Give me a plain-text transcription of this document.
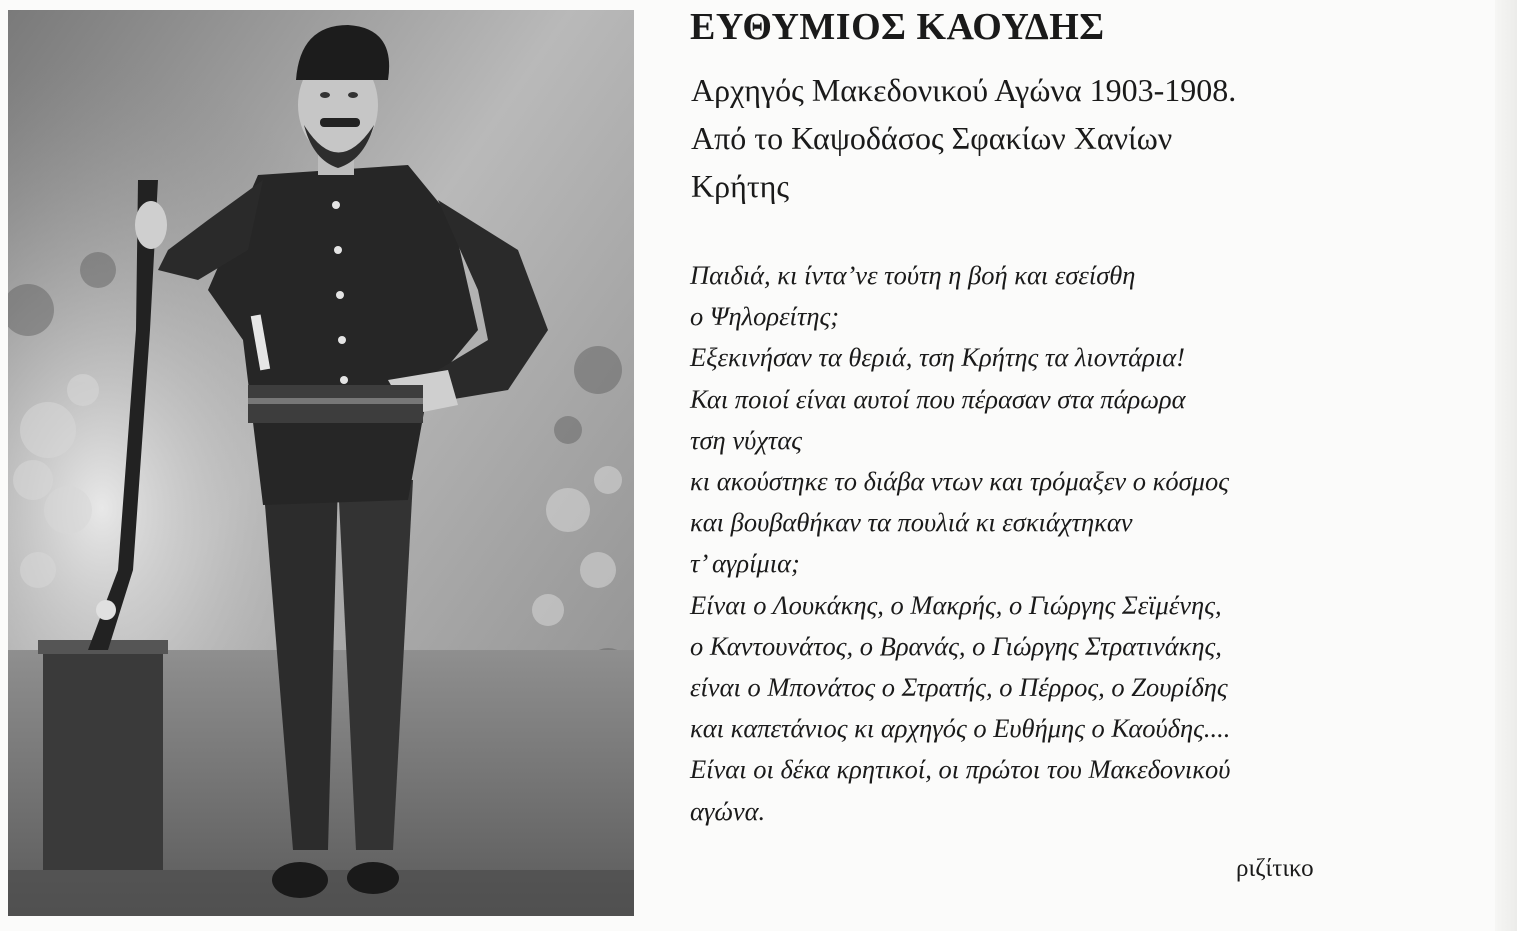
ΕΥΘΥΜΙΟΣ ΚΑΟΥΔΗΣ
Αρχηγός Μακεδονικού Αγώνα 1903-1908.
Από το Καψοδάσος Σφακίων Χανίων
Κρήτης
Παιδιά, κι ίντα’νε τούτη η βοή και εσείσθη
ο Ψηλορείτης;
Εξεκινήσαν τα θεριά, τση Κρήτης τα λιοντάρια!
Και ποιοί είναι αυτοί που πέρασαν στα πάρωρα
τση νύχτας
κι ακούστηκε το διάβα ντων και τρόμαξεν ο κόσμος
και βουβαθήκαν τα πουλιά κι εσκιάχτηκαν
τ’ αγρίμια;
Είναι ο Λουκάκης, ο Μακρής, ο Γιώργης Σεϊμένης,
ο Καντουνάτος, ο Βρανάς, ο Γιώργης Στρατινάκης,
είναι ο Μπονάτος ο Στρατής, ο Πέρρος, ο Ζουρίδης
και καπετάνιος κι αρχηγός ο Ευθήμης ο Καούδης....
Είναι οι δέκα κρητικοί, οι πρώτοι του Μακεδονικού
αγώνα.
ριζίτικο
